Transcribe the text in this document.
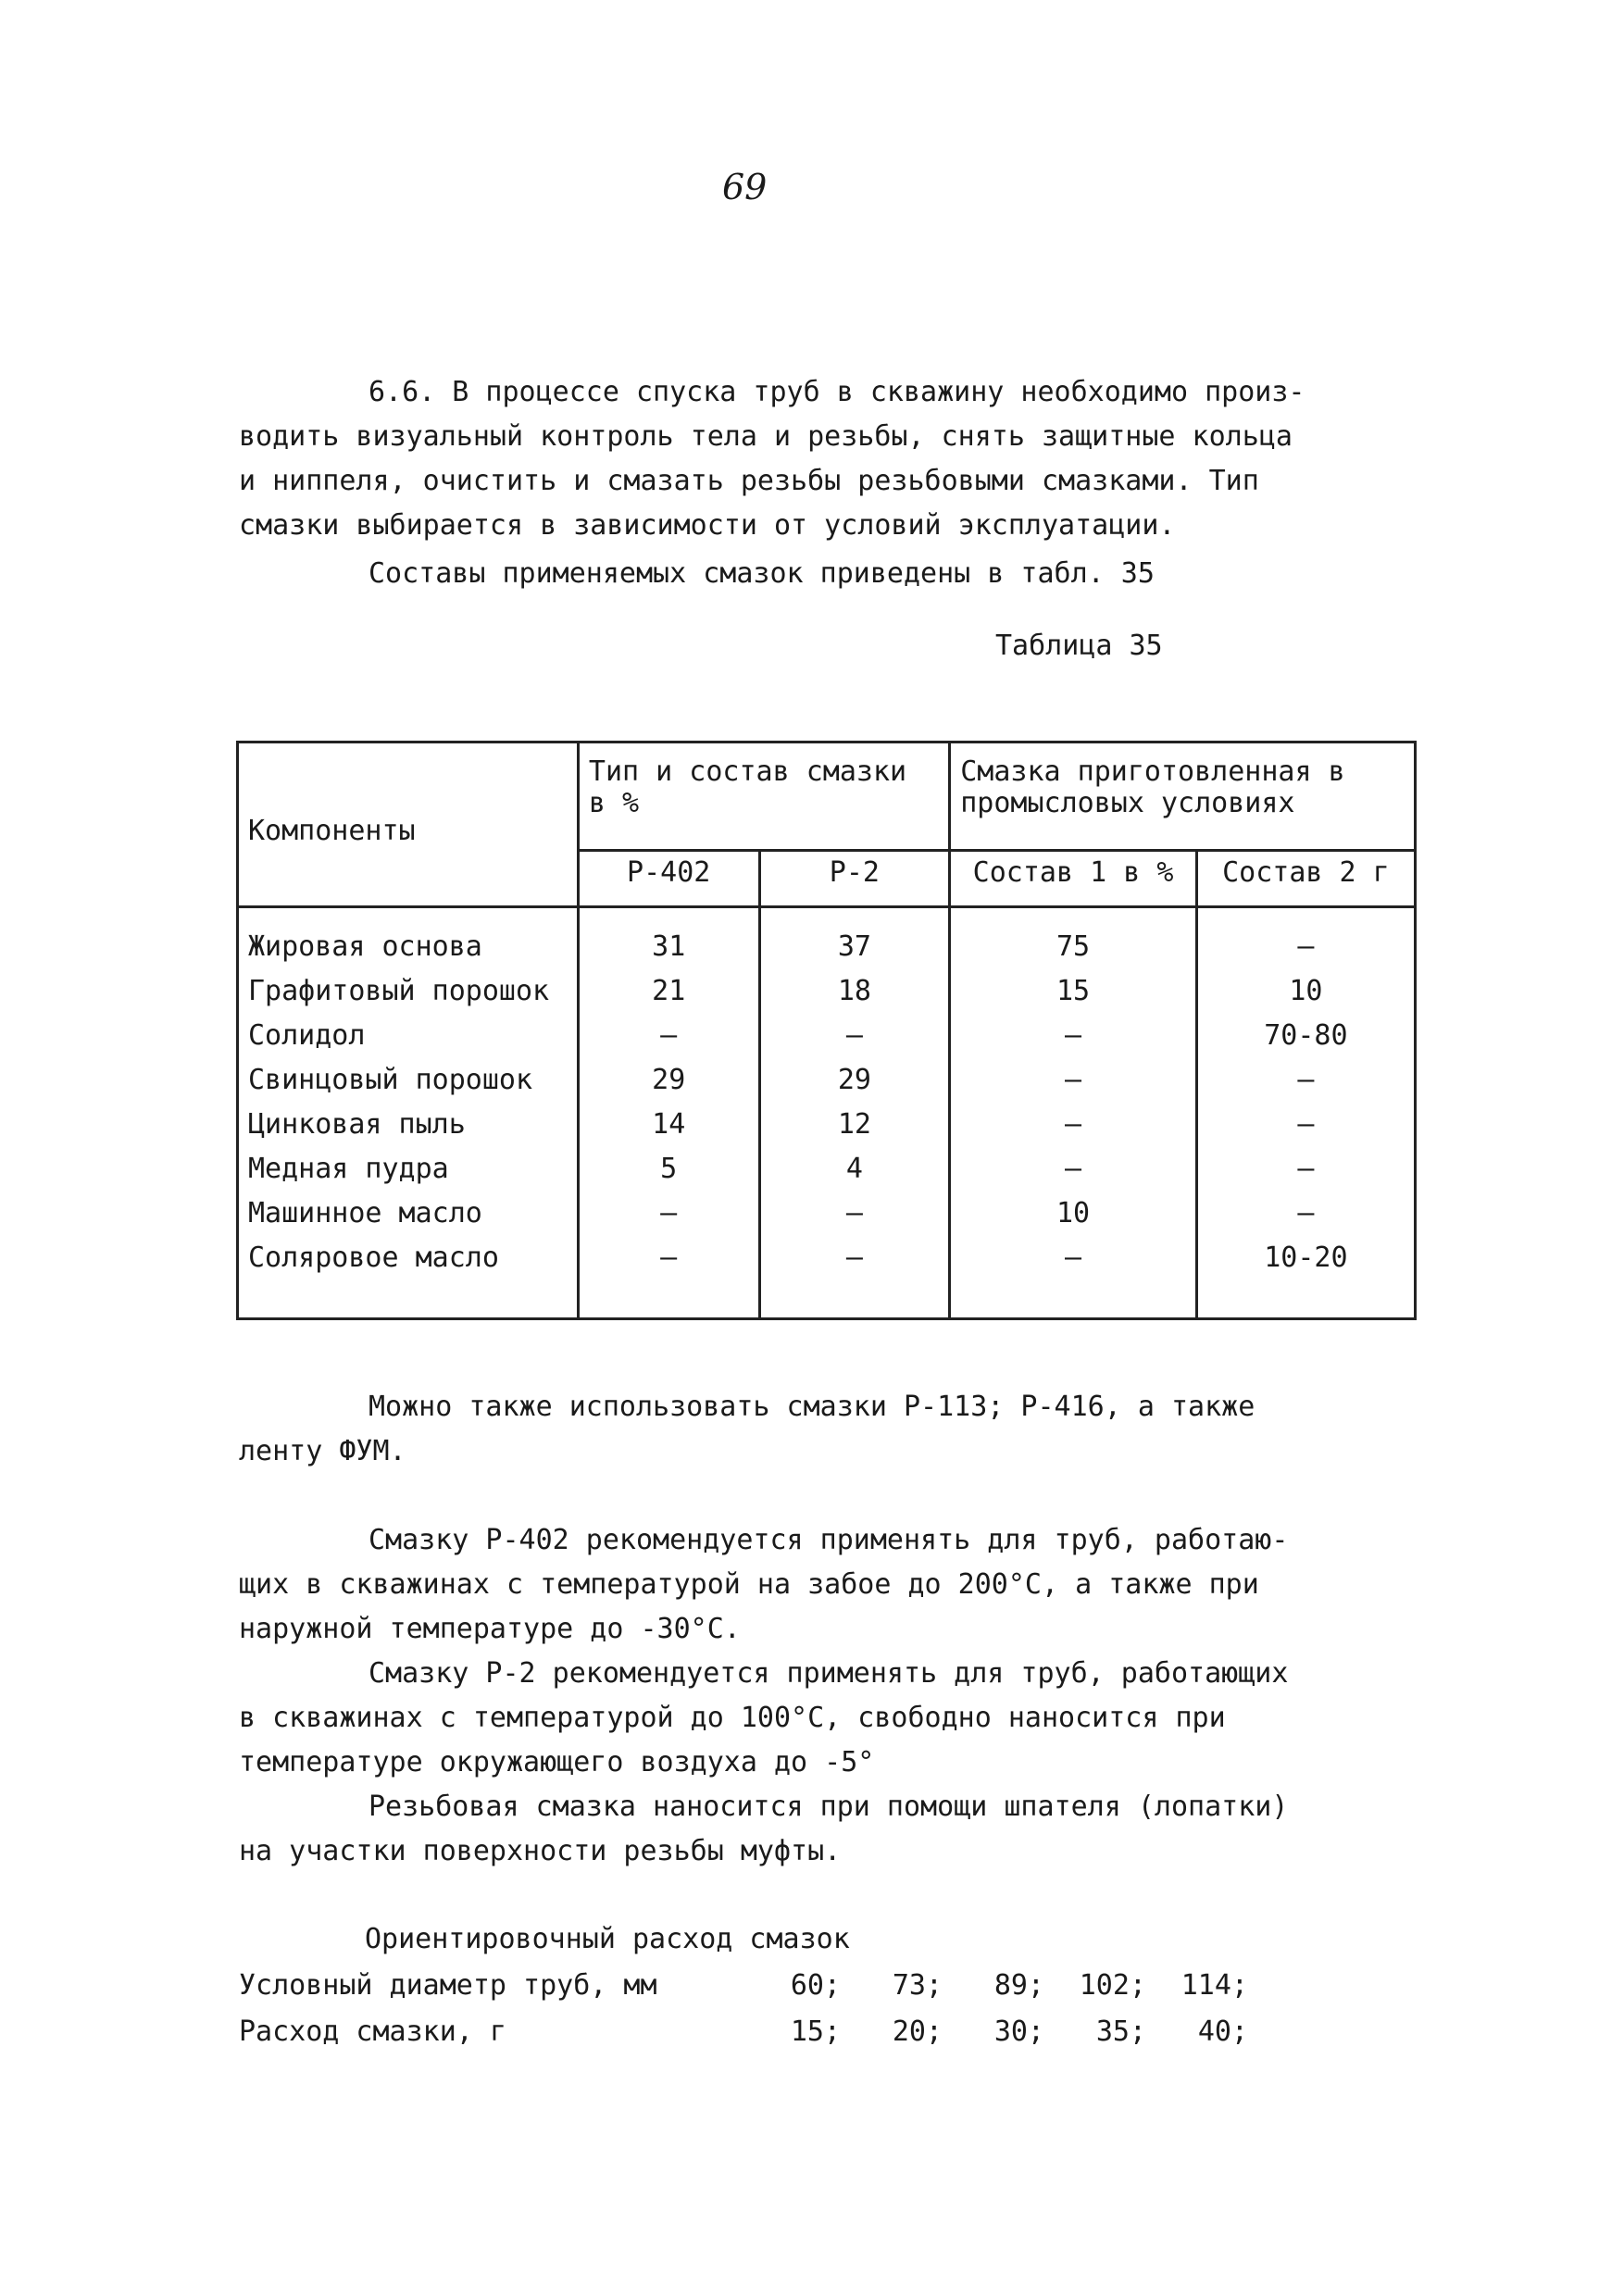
69

6.6. В процессе спуска труб в скважину необходимо произ-
водить визуальный контроль тела и резьбы, снять защитные кольца
и ниппеля, очистить и смазать резьбы резьбовыми смазками. Тип
смазки выбирается в зависимости от условий эксплуатации.

Составы применяемых смазок приведены в табл. 35

Таблица 35
Компоненты	Тип и состав смазки в %		Смазка приготовленная в промысловых условиях	
	Р-402	Р-2	Состав 1 в %	Состав 2 г
Жировая основа	31	37	75	–
Графитовый порошок	21	18	15	10
Солидол	–	–	–	70-80
Свинцовый порошок	29	29	–	–
Цинковая пыль	14	12	–	–
Медная пудра	5	4	–	–
Машинное масло	–	–	10	–
Соляровое масло	–	–	–	10-20

Можно также использовать смазки Р-113; Р-416, а также
ленту ФУМ.

Смазку Р-402 рекомендуется применять для труб, работаю-
щих в скважинах с температурой на забое до 200°С, а также при
наружной температуре до -30°С.

Смазку Р-2 рекомендуется применять для труб, работающих
в скважинах с температурой до 100°С, свободно наносится при
температуре окружающего воздуха до -5°

Резьбовая смазка наносится при помощи шпателя (лопатки)
на участки поверхности резьбы муфты.

Ориентировочный расход смазок
Условный диаметр труб, мм	60;	73;	89;	102;	114;
Расход смазки, г	15;	20;	30;	35;	40;
